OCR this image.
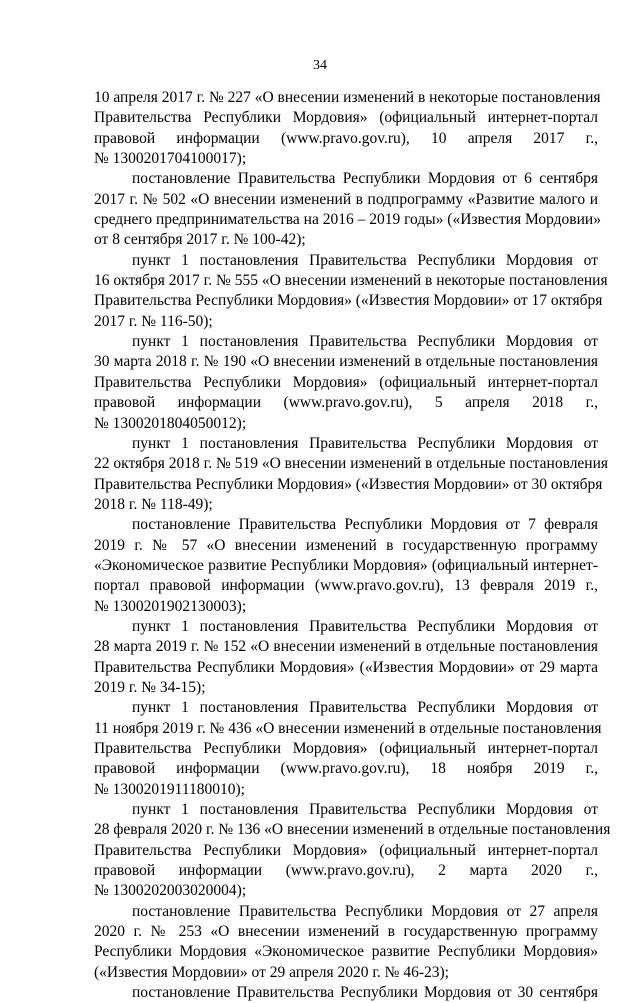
34

10 апреля 2017 г. № 227 «О внесении изменений в некоторые постановления

Правительства Республики Мордовия» (официальный интернет-портал

правовой информации (www.pravo.gov.ru), 10 апреля 2017 г.,

№ 1300201704100017);

постановление Правительства Республики Мордовия от 6 сентября

2017 г. № 502 «О внесении изменений в подпрограмму «Развитие малого и

среднего предпринимательства на 2016 – 2019 годы» («Известия Мордовии»

от 8 сентября 2017 г. № 100-42);

пункт 1 постановления Правительства Республики Мордовия от

16 октября 2017 г. № 555 «О внесении изменений в некоторые постановления

Правительства Республики Мордовия» («Известия Мордовии» от 17 октября

2017 г. № 116-50);

пункт 1 постановления Правительства Республики Мордовия от

30 марта 2018 г. № 190 «О внесении изменений в отдельные постановления

Правительства Республики Мордовия» (официальный интернет-портал

правовой информации (www.pravo.gov.ru), 5 апреля 2018 г.,

№ 1300201804050012);

пункт 1 постановления Правительства Республики Мордовия от

22 октября 2018 г. № 519 «О внесении изменений в отдельные постановления

Правительства Республики Мордовия» («Известия Мордовии» от 30 октября

2018 г. № 118-49);

постановление Правительства Республики Мордовия от 7 февраля

2019 г. № 57 «О внесении изменений в государственную программу

«Экономическое развитие Республики Мордовия» (официальный интернет-

портал правовой информации (www.pravo.gov.ru), 13 февраля 2019 г.,

№ 1300201902130003);

пункт 1 постановления Правительства Республики Мордовия от

28 марта 2019 г. № 152 «О внесении изменений в отдельные постановления

Правительства Республики Мордовия» («Известия Мордовии» от 29 марта

2019 г. № 34-15);

пункт 1 постановления Правительства Республики Мордовия от

11 ноября 2019 г. № 436 «О внесении изменений в отдельные постановления

Правительства Республики Мордовия» (официальный интернет-портал

правовой информации (www.pravo.gov.ru), 18 ноября 2019 г.,

№ 1300201911180010);

пункт 1 постановления Правительства Республики Мордовия от

28 февраля 2020 г. № 136 «О внесении изменений в отдельные постановления

Правительства Республики Мордовия» (официальный интернет-портал

правовой информации (www.pravo.gov.ru), 2 марта 2020 г.,

№ 1300202003020004);

постановление Правительства Республики Мордовия от 27 апреля

2020 г. № 253 «О внесении изменений в государственную программу

Республики Мордовия «Экономическое развитие Республики Мордовия»

(«Известия Мордовии» от 29 апреля 2020 г. № 46-23);

постановление Правительства Республики Мордовия от 30 сентября
